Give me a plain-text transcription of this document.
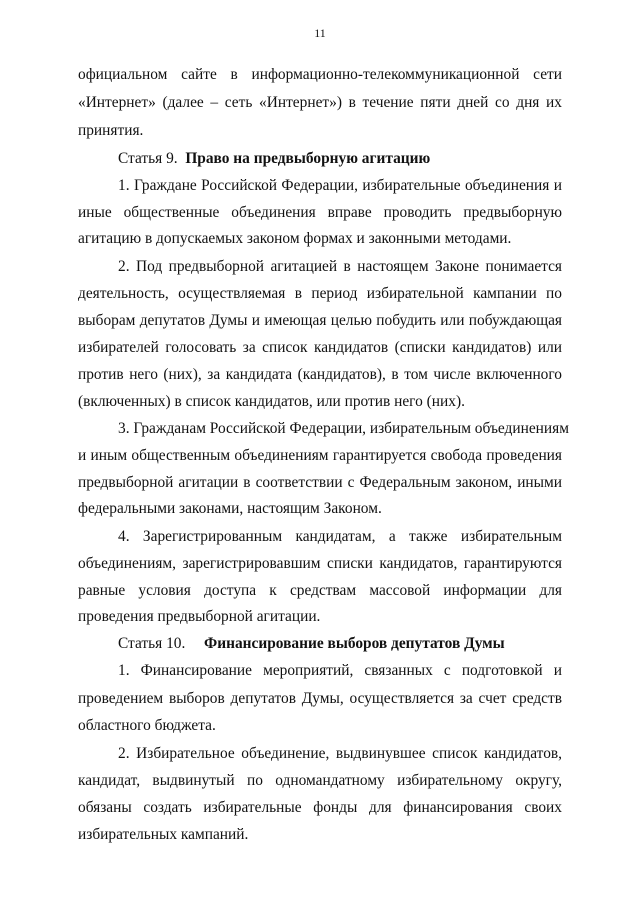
11
официальном сайте в информационно-телекоммуникационной сети
«Интернет» (далее – сеть «Интернет») в течение пяти дней со дня их
принятия.
Статья 9. Право на предвыборную агитацию
1. Граждане Российской Федерации, избирательные объединения и
иные общественные объединения вправе проводить предвыборную
агитацию в допускаемых законом формах и законными методами.
2. Под предвыборной агитацией в настоящем Законе понимается
деятельность, осуществляемая в период избирательной кампании по
выборам депутатов Думы и имеющая целью побудить или побуждающая
избирателей голосовать за список кандидатов (списки кандидатов) или
против него (них), за кандидата (кандидатов), в том числе включенного
(включенных) в список кандидатов, или против него (них).
3. Гражданам Российской Федерации, избирательным объединениям
и иным общественным объединениям гарантируется свобода проведения
предвыборной агитации в соответствии с Федеральным законом, иными
федеральными законами, настоящим Законом.
4. Зарегистрированным кандидатам, а также избирательным
объединениям, зарегистрировавшим списки кандидатов, гарантируются
равные условия доступа к средствам массовой информации для
проведения предвыборной агитации.
Статья 10. Финансирование выборов депутатов Думы
1. Финансирование мероприятий, связанных с подготовкой и
проведением выборов депутатов Думы, осуществляется за счет средств
областного бюджета.
2. Избирательное объединение, выдвинувшее список кандидатов,
кандидат, выдвинутый по одномандатному избирательному округу,
обязаны создать избирательные фонды для финансирования своих
избирательных кампаний.
